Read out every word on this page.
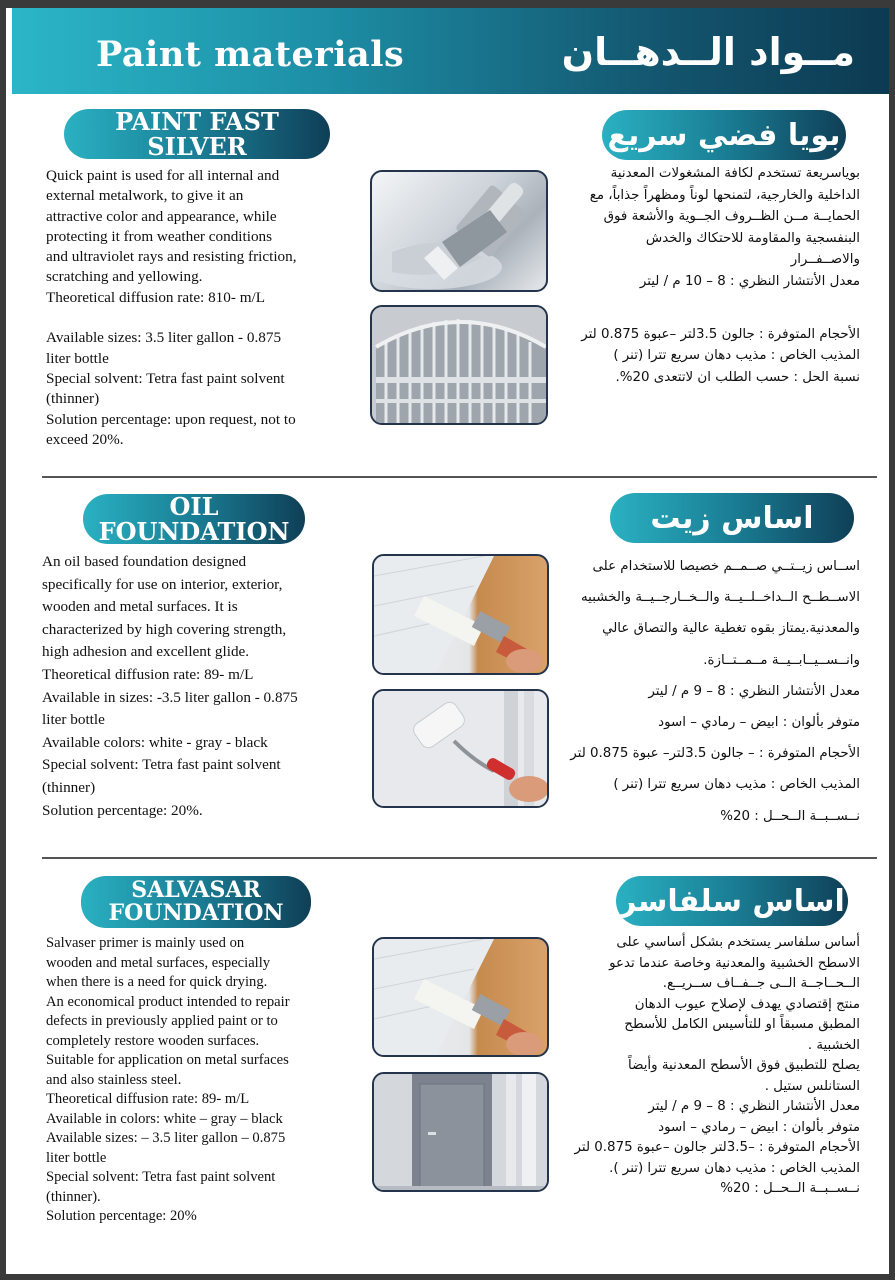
Paint materials	مــواد الــدهــان
PAINT FAST SILVER	بويا فضي سريع

Quick paint is used for all internal and

external metalwork, to give it an

attractive color and appearance, while

protecting it from weather conditions

and ultraviolet rays and resisting friction,

scratching and yellowing.

Theoretical diffusion rate: 810- m/L

Available sizes: 3.5 liter gallon - 0.875

liter bottle

Special solvent: Tetra fast paint solvent

(thinner)

Solution percentage: upon request, not to

exceed 20%.

بوياسريعة تستخدم لكافة المشغولات المعدنية

الداخلية والخارجية، لتمنحها لوناً ومظهراً جذاباً، مع

الحمايــة مــن الظــروف الجــوية والأشعة فوق

البنفسجية والمقاومة للاحتكاك والخدش

والاصــفــرار

معدل الأنتشار النظري : 8 – 10 م / ليتر

الأحجام المتوفرة : جالون 3.5لتر –عبوة 0.875 لتر

المذيب الخاص : مذيب دهان سريع تترا (تنر )

نسبة الحل : حسب الطلب ان لاتتعدى 20%.

OIL FOUNDATION	اساس زيت

An oil based foundation designed

specifically for use on interior, exterior,

wooden and metal surfaces. It is

characterized by high covering strength,

high adhesion and excellent glide.

Theoretical diffusion rate: 89- m/L

Available in sizes: -3.5 liter gallon - 0.875

liter bottle

Available colors: white - gray - black

Special solvent: Tetra fast paint solvent

(thinner)

Solution percentage: 20%.

اســاس زيــتــي صــمــم خصيصا للاستخدام على

الاســطــح الــداخــلــيــة والــخــارجــيــة والخشبيه

والمعدنية.يمتاز بقوه تغطية عالية والتصاق عالي

وانــســيــابــيــة مــمــتــازة.

معدل الأنتشار النظري : 8 – 9 م / ليتر

متوفر بألوان : ابيض – رمادي – اسود

الأحجام المتوفرة : – جالون 3.5لتر– عبوة 0.875 لتر

المذيب الخاص : مذيب دهان سريع تترا (تنر )

نــســبــة الــحــل : 20%

SALVASAR
FOUNDATION	اساس سلفاسر

Salvaser primer is mainly used on

wooden and metal surfaces, especially

when there is a need for quick drying.

An economical product intended to repair

defects in previously applied paint or to

completely restore wooden surfaces.

Suitable for application on metal surfaces

and also stainless steel.

Theoretical diffusion rate: 89- m/L

Available in colors: white – gray – black

Available sizes: – 3.5 liter gallon – 0.875

liter bottle

Special solvent: Tetra fast paint solvent

(thinner).

Solution percentage: 20%

أساس سلفاسر يستخدم بشكل أساسي على

الاسطح الخشبية والمعدنية وخاصة عندما تدعو

الــحــاجــة الــى جــفــاف ســريــع.

منتج إقتصادي يهدف لإصلاح عيوب الدهان

المطبق مسبقاً او للتأسيس الكامل للأسطح

الخشبية .

يصلح للتطبيق فوق الأسطح المعدنية وأيضاً

الستانلس ستيل .

معدل الأنتشار النظري : 8 – 9 م / ليتر

متوفر بألوان : ابيض – رمادي – اسود

الأحجام المتوفرة : –3.5لتر جالون –عبوة 0.875 لتر

المذيب الخاص : مذيب دهان سريع تترا (تنر ).

نــســبــة الــحــل : 20%
